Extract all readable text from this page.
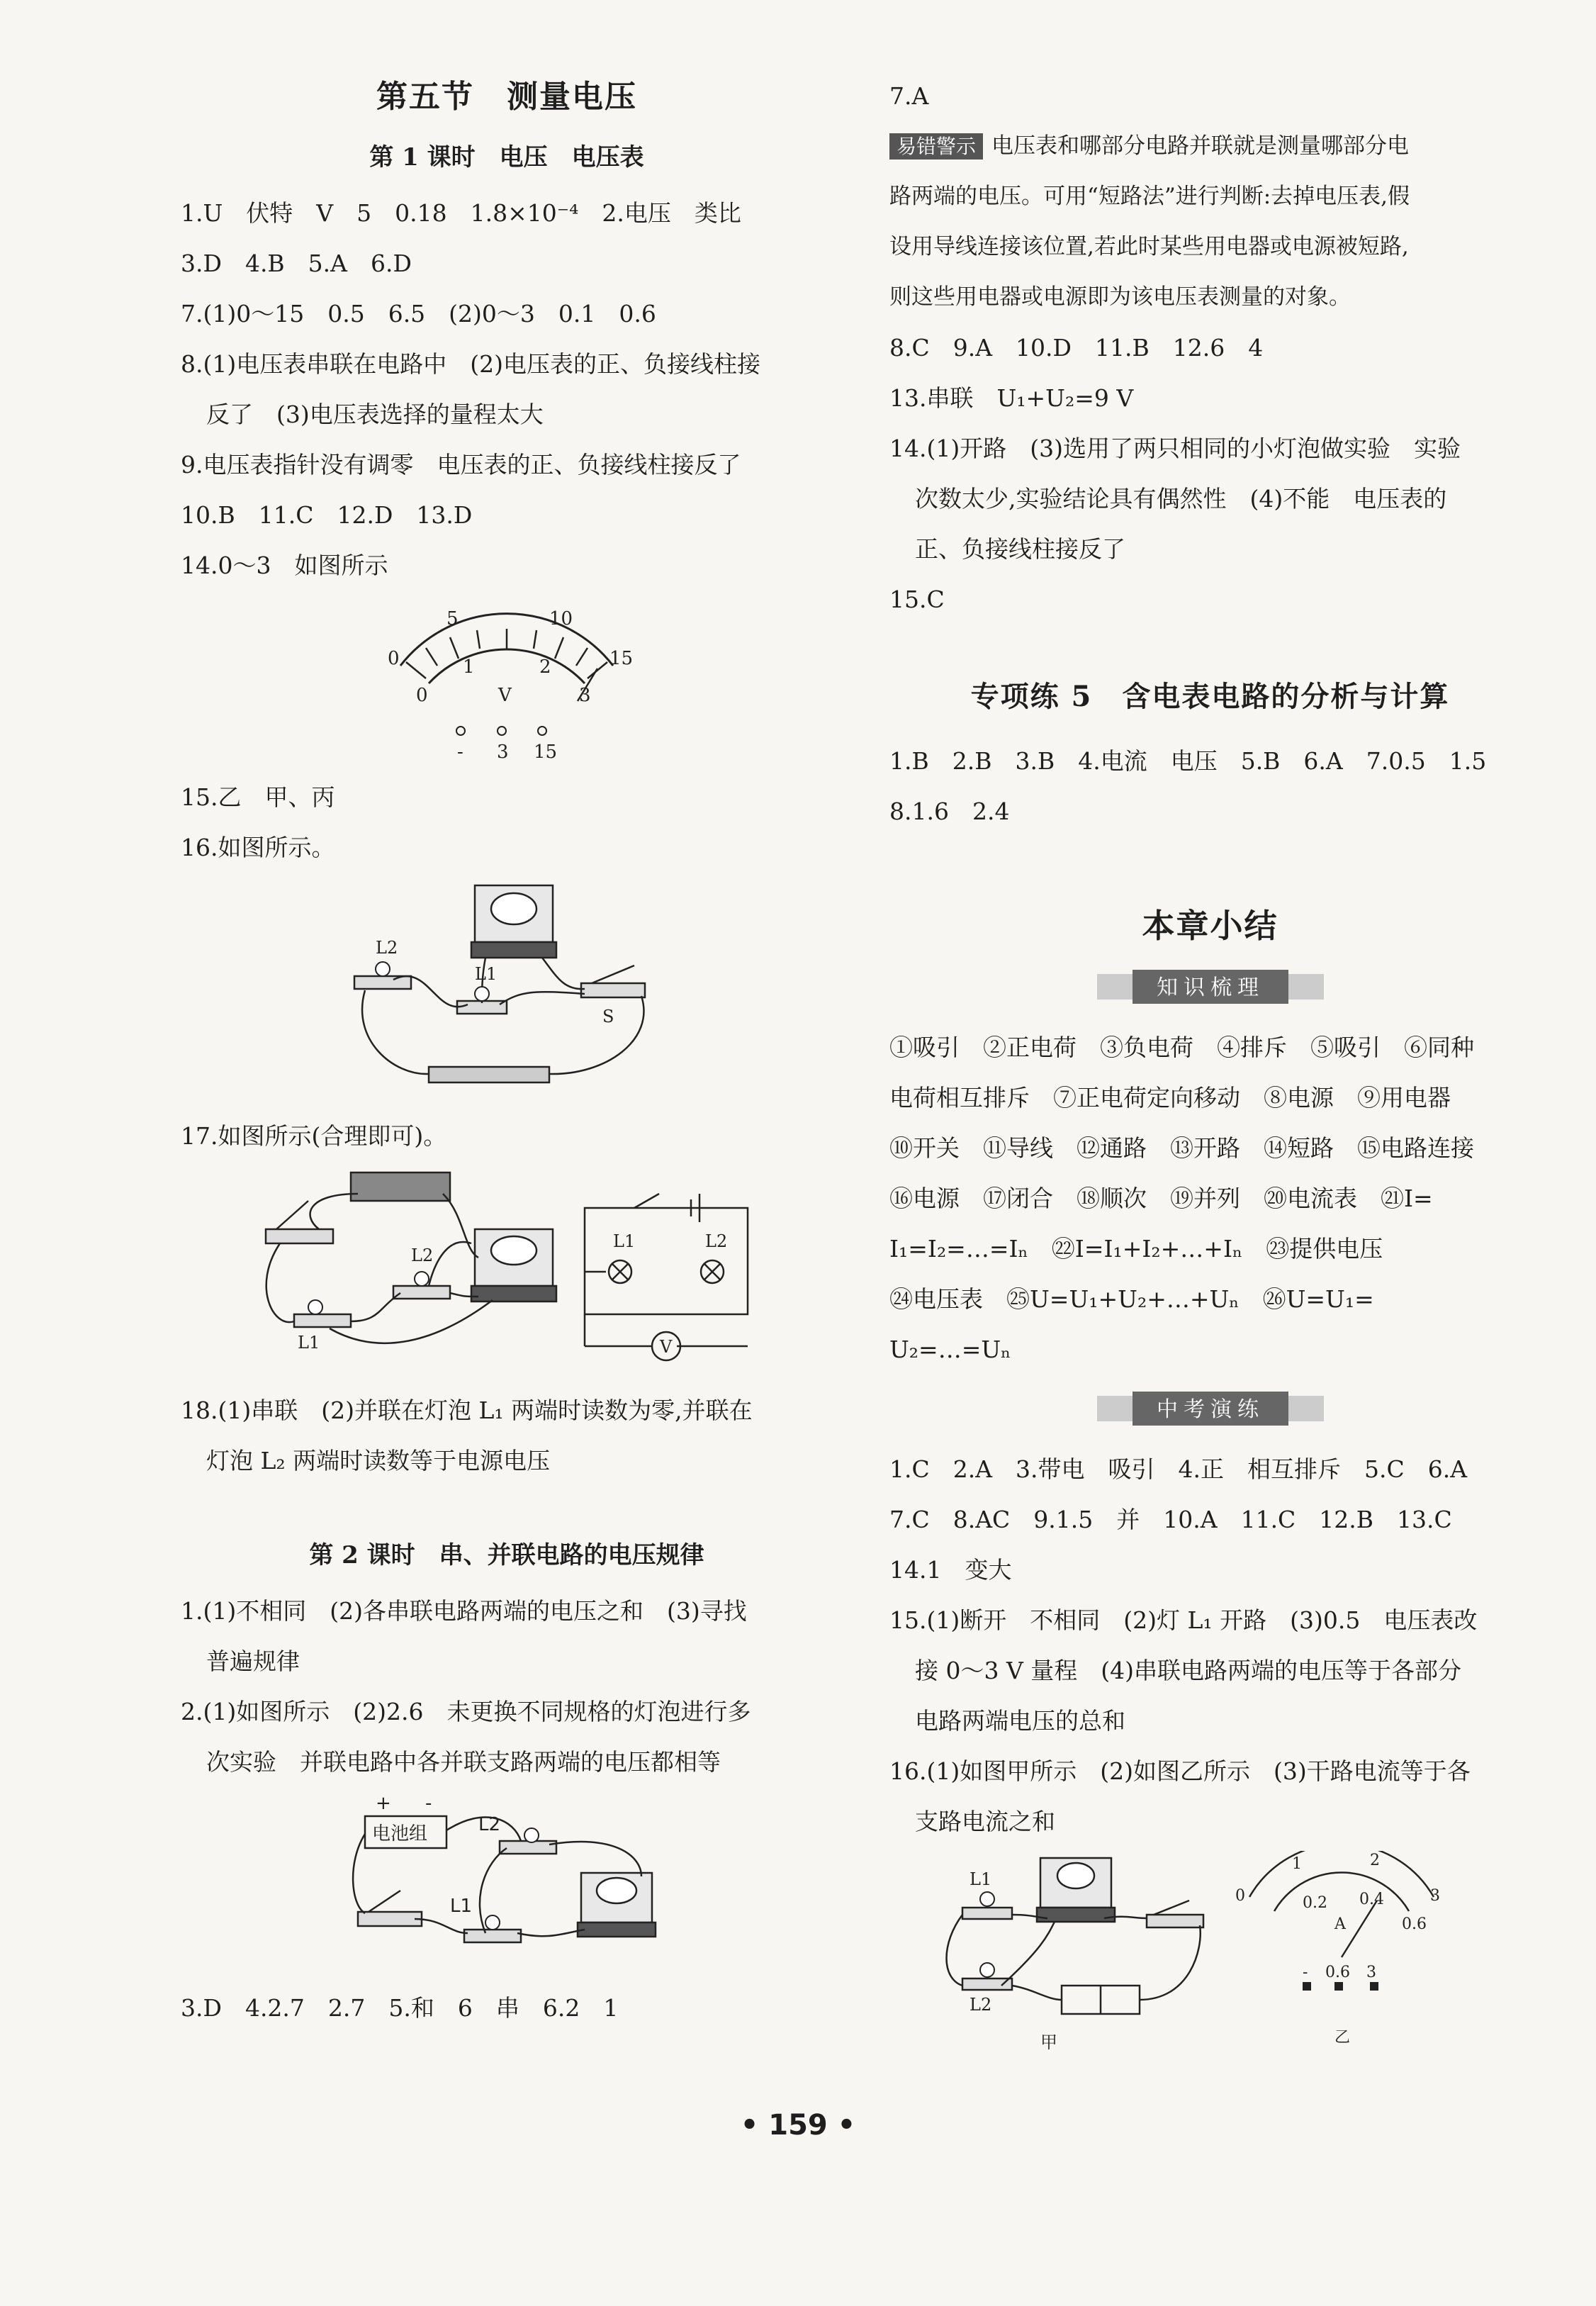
第五节　测量电压
第 1 课时　电压　电压表
1.U　伏特　V　5　0.18　1.8×10⁻⁴　2.电压　类比
3.D　4.B　5.A　6.D
7.(1)0～15　0.5　6.5　(2)0～3　0.1　0.6
8.(1)电压表串联在电路中　(2)电压表的正、负接线柱接
反了　(3)电压表选择的量程太大
9.电压表指针没有调零　电压表的正、负接线柱接反了
10.B　11.C　12.D　13.D
14.0～3　如图所示
0
5	10
15
0
1	2
3
V
- 3 15
15.乙　甲、丙
16.如图所示。
L2
L1
S
17.如图所示(合理即可)。
L1
L2
L1	L2
V
18.(1)串联　(2)并联在灯泡 L₁ 两端时读数为零,并联在
灯泡 L₂ 两端时读数等于电源电压
第 2 课时　串、并联电路的电压规律
1.(1)不相同　(2)各串联电路两端的电压之和　(3)寻找
普遍规律
2.(1)如图所示　(2)2.6　未更换不同规格的灯泡进行多
次实验　并联电路中各并联支路两端的电压都相等
电池组
+ -
L2
L1
3.D　4.2.7　2.7　5.和　6　串　6.2　1
7.A
易错警示 电压表和哪部分电路并联就是测量哪部分电
路两端的电压。可用“短路法”进行判断:去掉电压表,假
设用导线连接该位置,若此时某些用电器或电源被短路,
则这些用电器或电源即为该电压表测量的对象。
8.C　9.A　10.D　11.B　12.6　4
13.串联　U₁+U₂=9 V
14.(1)开路　(3)选用了两只相同的小灯泡做实验　实验
次数太少,实验结论具有偶然性　(4)不能　电压表的
正、负接线柱接反了
15.C
专项练 5　含电表电路的分析与计算
1.B　2.B　3.B　4.电流　电压　5.B　6.A　7.0.5　1.5
8.1.6　2.4
本章小结
知识梳理
①吸引　②正电荷　③负电荷　④排斥　⑤吸引　⑥同种
电荷相互排斥　⑦正电荷定向移动　⑧电源　⑨用电器
⑩开关　⑪导线　⑫通路　⑬开路　⑭短路　⑮电路连接
⑯电源　⑰闭合　⑱顺次　⑲并列　⑳电流表　㉑I=
I₁=I₂=…=Iₙ　㉒I=I₁+I₂+…+Iₙ　㉓提供电压
㉔电压表　㉕U=U₁+U₂+…+Uₙ　㉖U=U₁=
U₂=…=Uₙ
中考演练
1.C　2.A　3.带电　吸引　4.正　相互排斥　5.C　6.A
7.C　8.AC　9.1.5　并　10.A　11.C　12.B　13.C
14.1　变大
15.(1)断开　不相同　(2)灯 L₁ 开路　(3)0.5　电压表改
接 0～3 V 量程　(4)串联电路两端的电压等于各部分
电路两端电压的总和
16.(1)如图甲所示　(2)如图乙所示　(3)干路电流等于各
支路电流之和
L1
L2
甲
1	2
3
0	0.2 0.4
0.6
A
- 0.6 3
乙
• 159 •
